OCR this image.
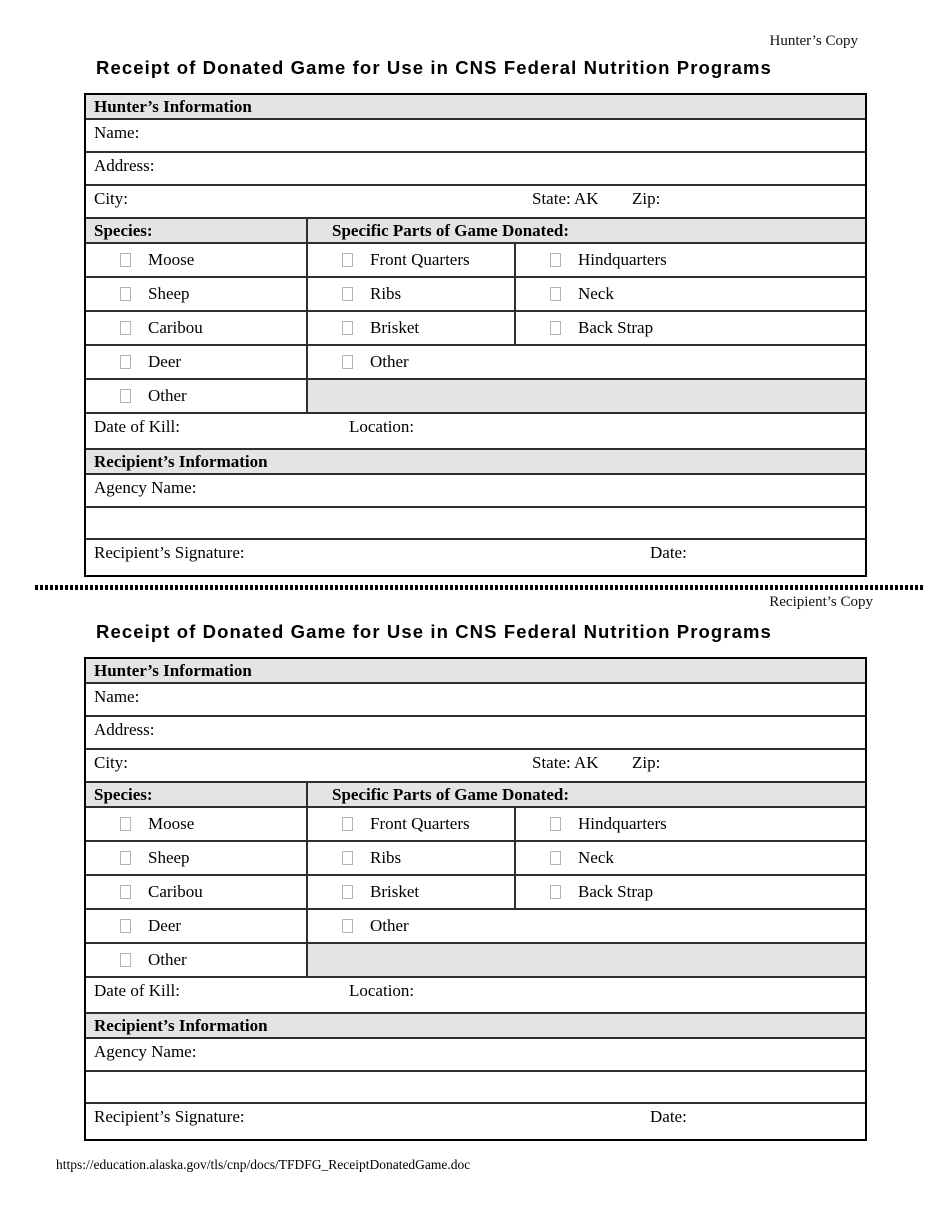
Hunter’s Copy
Receipt of Donated Game for Use in CNS Federal Nutrition Programs
Hunter’s Information
Name:
Address:
City:	State: AK Zip:
Species:	Specific Parts of Game Donated:
Moose	Front Quarters	Hindquarters
Sheep	Ribs	Neck
Caribou	Brisket	Back Strap
Deer	Other
Other
Date of Kill:	Location:
Recipient’s Information
Agency Name:
Recipient’s Signature:	Date:
Recipient’s Copy
Receipt of Donated Game for Use in CNS Federal Nutrition Programs
Hunter’s Information
Name:
Address:
City:	State: AK Zip:
Species:	Specific Parts of Game Donated:
Moose	Front Quarters	Hindquarters
Sheep	Ribs	Neck
Caribou	Brisket	Back Strap
Deer	Other
Other
Date of Kill:	Location:
Recipient’s Information
Agency Name:
Recipient’s Signature:	Date:
https://education.alaska.gov/tls/cnp/docs/TFDFG_ReceiptDonatedGame.doc
